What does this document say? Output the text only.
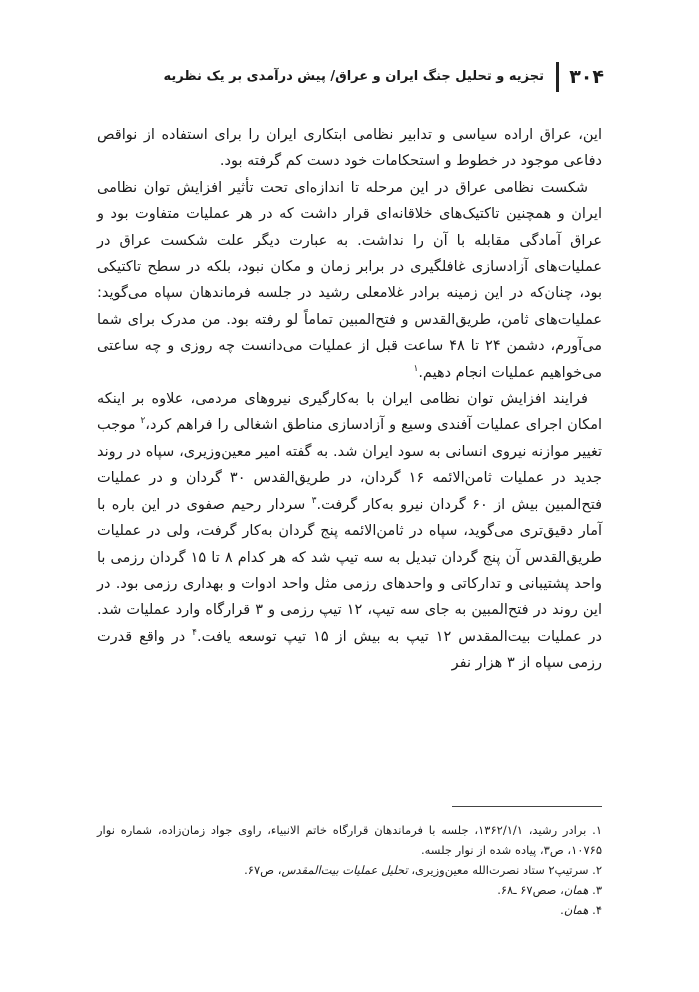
۳۰۴
تجزیه و تحلیل جنگ ایران و عراق/ پیش درآمدی بر یک نظریه

این، عراق اراده سیاسی و تدابیر نظامی ابتکاری ایران را برای استفاده از نواقص دفاعی موجود در خطوط و استحکامات خود دست کم گرفته بود.

شکست نظامی عراق در این مرحله تا اندازه‌ای تحت تأثیر افزایش توان نظامی ایران و همچنین تاکتیک‌های خلاقانه‌ای قرار داشت که در هر عملیات متفاوت بود و عراق آمادگی مقابله با آن را نداشت. به عبارت دیگر علت شکست عراق در عملیات‌های آزادسازی غافلگیری در برابر زمان و مکان نبود، بلکه در سطح تاکتیکی بود، چنان‌که در این زمینه برادر غلامعلی رشید در جلسه فرماندهان سپاه می‌گوید: عملیات‌های ثامن، طریق‌القدس و فتح‌المبین تماماً لو رفته بود. من مدرک برای شما می‌آورم، دشمن ۲۴ تا ۴۸ ساعت قبل از عملیات می‌دانست چه روزی و چه ساعتی می‌خواهیم عملیات انجام دهیم.$^۱$

فرایند افزایش توان نظامی ایران با به‌کارگیری نیروهای مردمی، علاوه بر اینکه امکان اجرای عملیات آفندی وسیع و آزادسازی مناطق اشغالی را فراهم کرد،$^۲$ موجب تغییر موازنه نیروی انسانی به سود ایران شد. به گفته امیر معین‌وزیری، سپاه در روند جدید در عملیات ثامن‌الائمه ۱۶ گردان، در طریق‌القدس ۳۰ گردان و در عملیات فتح‌المبین بیش از ۶۰ گردان نیرو به‌کار گرفت.$^۳$ سردار رحیم صفوی در این باره با آمار دقیق‌تری می‌گوید، سپاه در ثامن‌الائمه پنج گردان به‌کار گرفت، ولی در عملیات طریق‌القدس آن پنج گردان تبدیل به سه تیپ شد که هر کدام ۸ تا ۱۵ گردان رزمی با واحد پشتیبانی و تدارکاتی و واحدهای رزمی مثل واحد ادوات و بهداری رزمی بود. در این روند در فتح‌المبین به جای سه تیپ، ۱۲ تیپ رزمی و ۳ قرارگاه وارد عملیات شد. در عملیات بیت‌المقدس ۱۲ تیپ به بیش از ۱۵ تیپ توسعه یافت.$^۴$ در واقع قدرت رزمی سپاه از ۳ هزار نفر

۱. برادر رشید، ۱۳۶۲/۱/۱، جلسه با فرماندهان قرارگاه خاتم الانبیاء، راوی جواد زمان‌زاده، شماره نوار ۱۰۷۶۵، ص۳، پیاده شده از نوار جلسه.

۲. سرتیپ۲ ستاد نصرت‌الله معین‌وزیری، تحلیل عملیات بیت‌المقدس، ص۶۷.

۳. همان، صص۶۷ ـ۶۸.

۴. همان.
